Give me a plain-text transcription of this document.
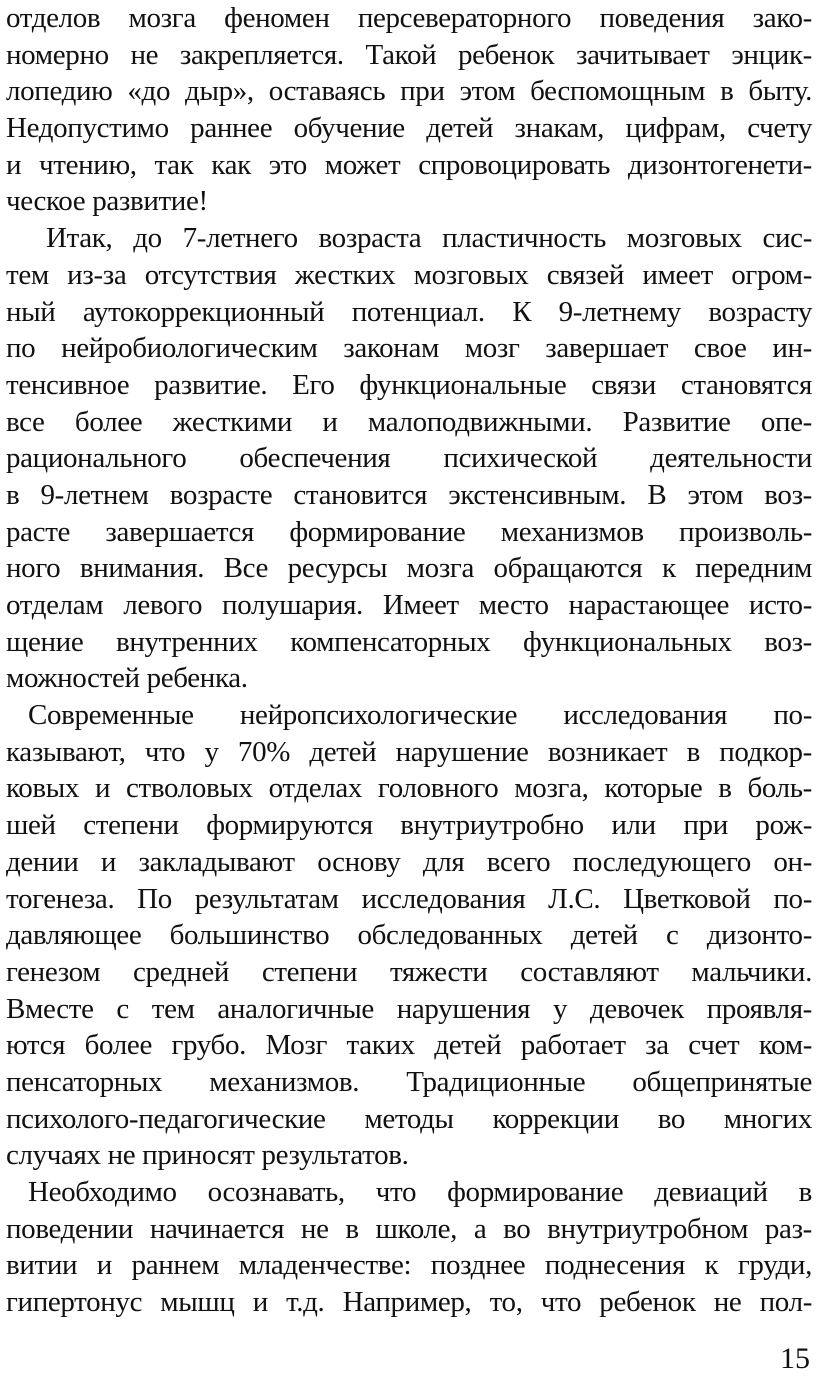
отделов мозга феномен персевераторного поведения зако-
номерно не закрепляется. Такой ребенок зачитывает энцик-
лопедию «до дыр», оставаясь при этом беспомощным в быту.
Недопустимо раннее обучение детей знакам, цифрам, счету
и чтению, так как это может спровоцировать дизонтогенети-
ческое развитие!
Итак, до 7-летнего возраста пластичность мозговых сис-
тем из-за отсутствия жестких мозговых связей имеет огром-
ный аутокоррекционный потенциал. К 9-летнему возрасту
по нейробиологическим законам мозг завершает свое ин-
тенсивное развитие. Его функциональные связи становятся
все более жесткими и малоподвижными. Развитие опе-
рационального обеспечения психической деятельности
в 9-летнем возрасте становится экстенсивным. В этом воз-
расте завершается формирование механизмов произволь-
ного внимания. Все ресурсы мозга обращаются к передним
отделам левого полушария. Имеет место нарастающее исто-
щение внутренних компенсаторных функциональных воз-
можностей ребенка.
Современные нейропсихологические исследования по-
казывают, что у 70% детей нарушение возникает в подкор-
ковых и стволовых отделах головного мозга, которые в боль-
шей степени формируются внутриутробно или при рож-
дении и закладывают основу для всего последующего он-
тогенеза. По результатам исследования Л.С. Цветковой по-
давляющее большинство обследованных детей с дизонто-
генезом средней степени тяжести составляют мальчики.
Вместе с тем аналогичные нарушения у девочек проявля-
ются более грубо. Мозг таких детей работает за счет ком-
пенсаторных механизмов. Традиционные общепринятые
психолого-педагогические методы коррекции во многих
случаях не приносят результатов.
Необходимо осознавать, что формирование девиаций в
поведении начинается не в школе, а во внутриутробном раз-
витии и раннем младенчестве: позднее поднесения к груди,
гипертонус мышц и т.д. Например, то, что ребенок не пол-
15
